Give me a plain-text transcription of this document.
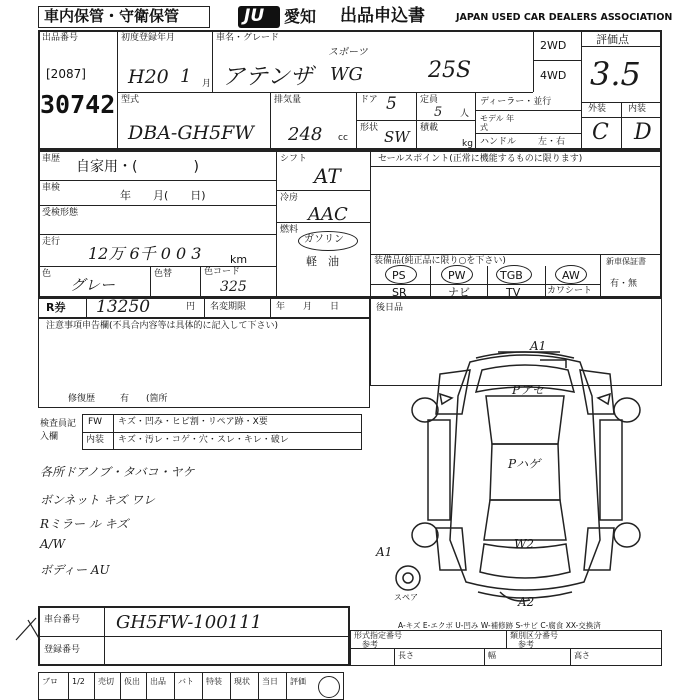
車内保管・守衛保管	JU 愛知 出品申込書	JAPAN USED CAR DEALERS ASSOCIATION
出品番号
[2087]
30742
初度登録年月
H20 1 月
車名・グレード
アテンザ
スポーツ
WG	25S
2WD
4WD
評価点
3.5
外装 内装
C D
型式
DBA-GH5FW
排気量
248 cc
ドア 5	定員
5 人
形状 SW 積載
kg
ディーラー・並行
モデル 年式
ハンドル 左・右
車歴 自家用・(　　　　)
車検
年　　月(　　日)
受検形態
走行
12万 6千 0 0 3	km
色
グレー
色替	色コード
325
シフト
AT
冷房
AAC
燃料
ガソリン
軽　油
セールスポイント(正常に機能するものに限ります)
装備品(純正品に限り○を下さい)
PS	PW	TGB	AW
SR	ナビ	TV	カワシート
新車保証書
有・無
R券 13250	円 名変期限	年　　月　　日	後日品
注意事項申告欄(不具合内容等は具体的に記入して下さい)
修復歴	有 (箇所
検査員記入欄
FW キズ・凹み・ヒビ割・リペア跡・X要
内装 キズ・汚レ・コゲ・穴・スレ・キレ・破レ
各所ドアノブ・タバコ・ヤケ
ボンネット キズ ワレ
Rミラー ル キズ
A/W
ボディー AU
A1
Pアセ
Pハゲ
W2
A2
A1
スペア
A-キズ E-エクボ U-凹み W-補修跡 S-サビ C-腐食 XX-交換済
車台番号 GH5FW-100111
登録番号
形式指定番号
参考
類別区分番号
参考
長さ	幅	高さ
ブロ 1/2 売切 仮出 出品 バト 特装 現状 当日 評価
